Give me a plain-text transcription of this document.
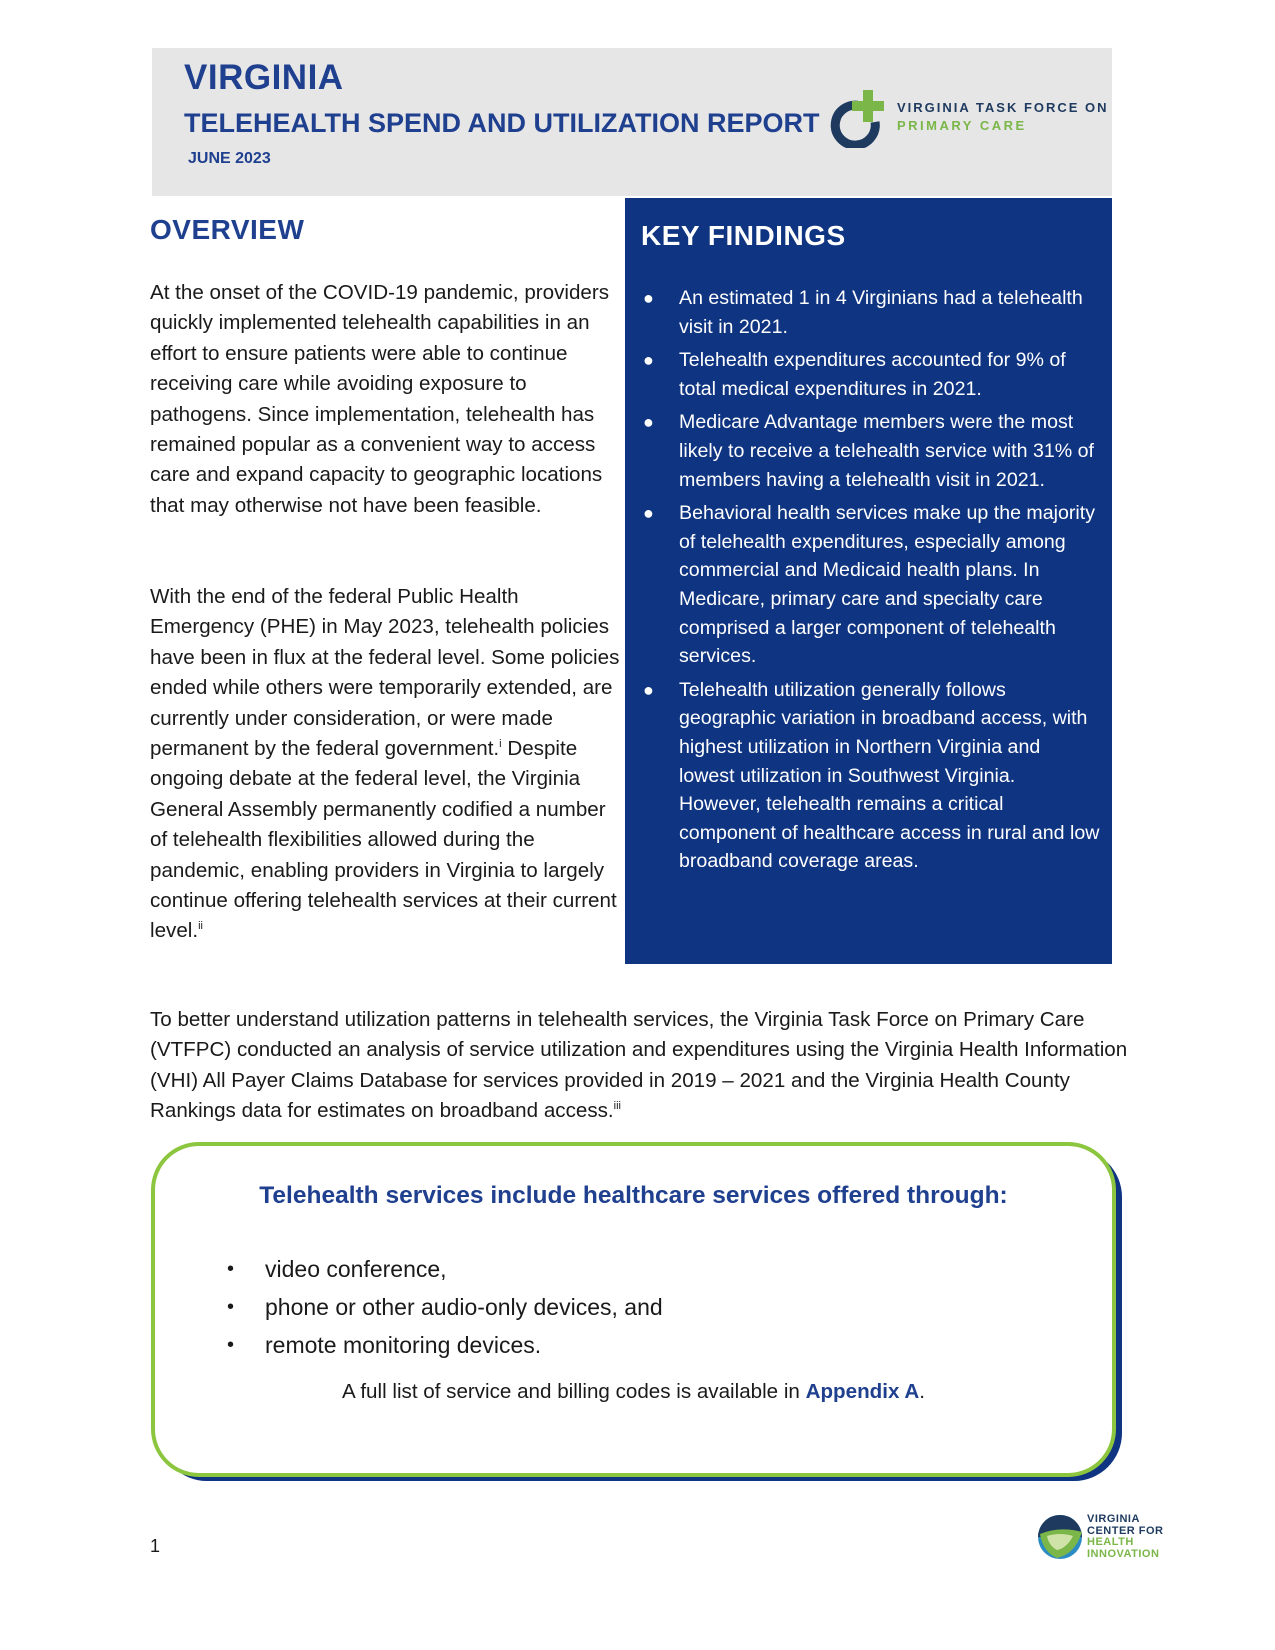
VIRGINIA
TELEHEALTH SPEND AND UTILIZATION REPORT
JUNE 2023
VIRGINIA TASK FORCE ON
PRIMARY CARE
OVERVIEW

At the onset of the COVID-19 pandemic, providers quickly implemented telehealth capabilities in an effort to ensure patients were able to continue receiving care while avoiding exposure to pathogens. Since implementation, telehealth has remained popular as a convenient way to access care and expand capacity to geographic locations that may otherwise not have been feasible.

With the end of the federal Public Health Emergency (PHE) in May 2023, telehealth policies have been in flux at the federal level. Some policies ended while others were temporarily extended, are currently under consideration, or were made permanent by the federal government.$^i$ Despite ongoing debate at the federal level, the Virginia General Assembly permanently codified a number of telehealth flexibilities allowed during the pandemic, enabling providers in Virginia to largely continue offering telehealth services at their current level.$^{ii}$

KEY FINDINGS
● An estimated 1 in 4 Virginians had a telehealth visit in 2021.
● Telehealth expenditures accounted for 9% of total medical expenditures in 2021.
● Medicare Advantage members were the most likely to receive a telehealth service with 31% of members having a telehealth visit in 2021.
● Behavioral health services make up the majority of telehealth expenditures, especially among commercial and Medicaid health plans. In Medicare, primary care and specialty care comprised a larger component of telehealth services.
● Telehealth utilization generally follows geographic variation in broadband access, with highest utilization in Northern Virginia and lowest utilization in Southwest Virginia. However, telehealth remains a critical component of healthcare access in rural and low broadband coverage areas.

To better understand utilization patterns in telehealth services, the Virginia Task Force on Primary Care (VTFPC) conducted an analysis of service utilization and expenditures using the Virginia Health Information (VHI) All Payer Claims Database for services provided in 2019 – 2021 and the Virginia Health County Rankings data for estimates on broadband access.$^{iii}$

Telehealth services include healthcare services offered through:
• video conference,
• phone or other audio-only devices, and
• remote monitoring devices.
A full list of service and billing codes is available in Appendix A.
1
VIRGINIA
CENTER FOR
HEALTH
INNOVATION
